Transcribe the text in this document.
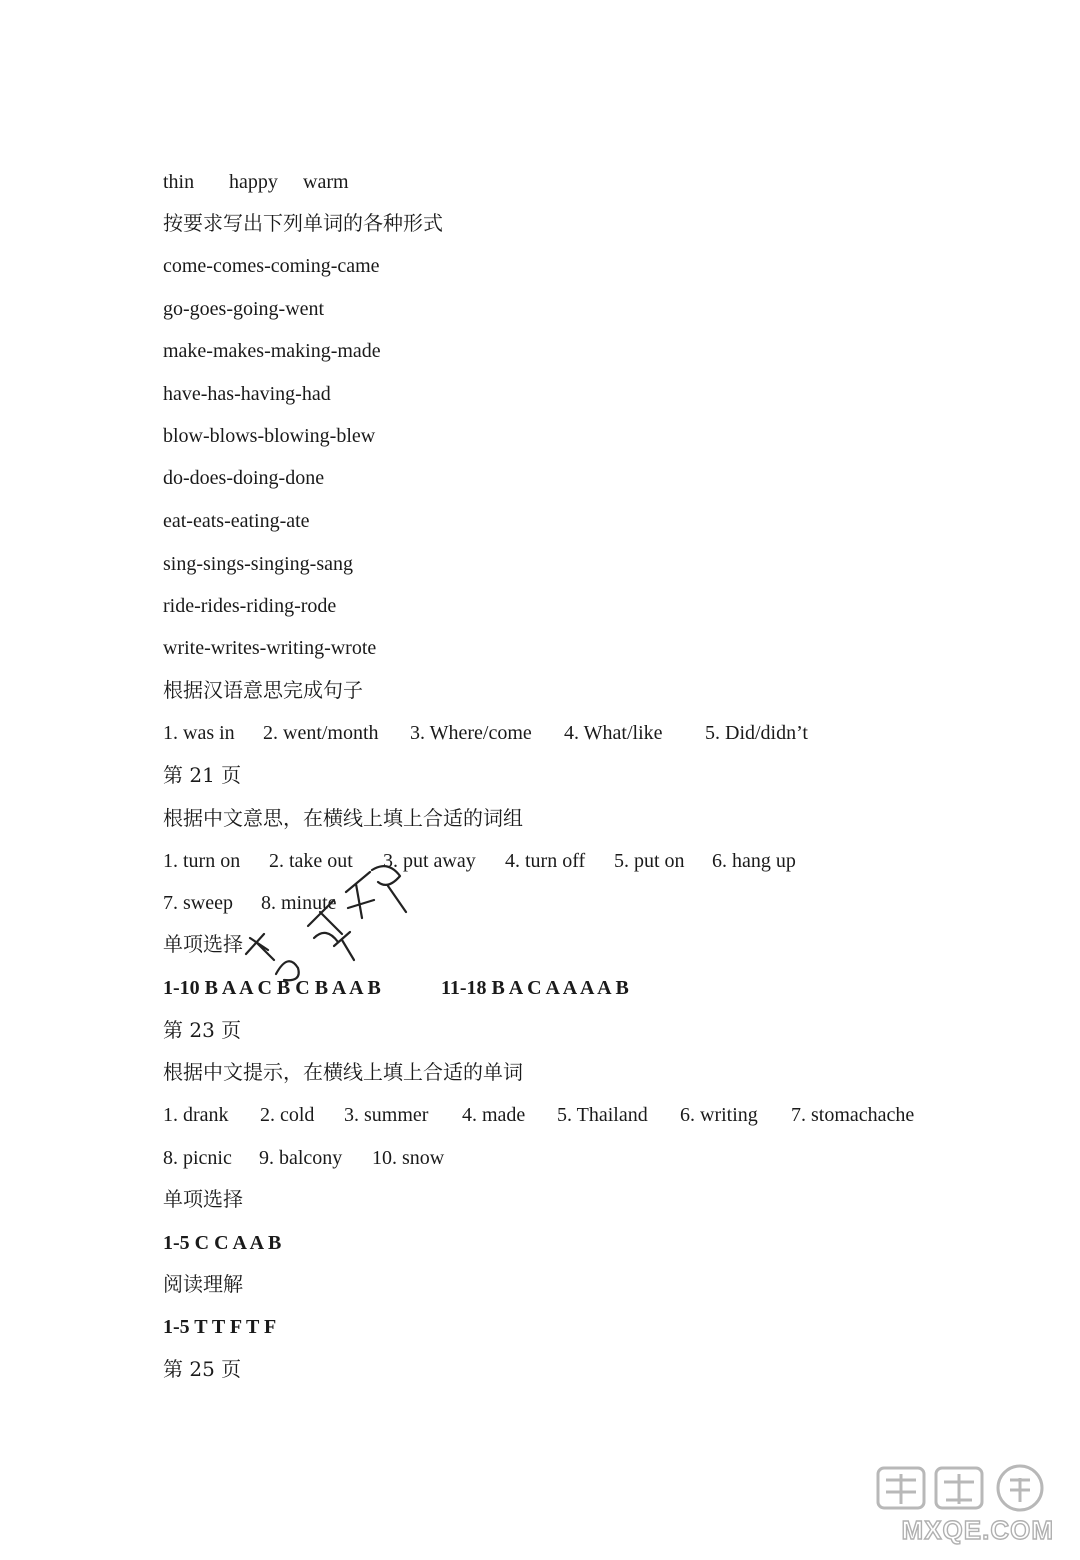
thin happy warm
按要求写出下列单词的各种形式
come-comes-coming-came
go-goes-going-went
make-makes-making-made
have-has-having-had
blow-blows-blowing-blew
do-does-doing-done
eat-eats-eating-ate
sing-sings-singing-sang
ride-rides-riding-rode
write-writes-writing-wrote
根据汉语意思完成句子
1. was in 2. went/month 3. Where/come 4. What/like 5. Did/didn’t
第 21 页
根据中文意思，在横线上填上合适的词组
1. turn on 2. take out 3. put away 4. turn off 5. put on 6. hang up
7. sweep 8. minute
单项选择
1-10 B A A C B C B A A B	11-18 B A C A A A A B
第 23 页
根据中文提示，在横线上填上合适的单词
1. drank 2. cold 3. summer 4. made 5. Thailand 6. writing 7. stomachache
8. picnic 9. balcony 10. snow
单项选择
1-5 C C A A B
阅读理解
1-5 T T F T F
第 25 页
MXQE.COM
